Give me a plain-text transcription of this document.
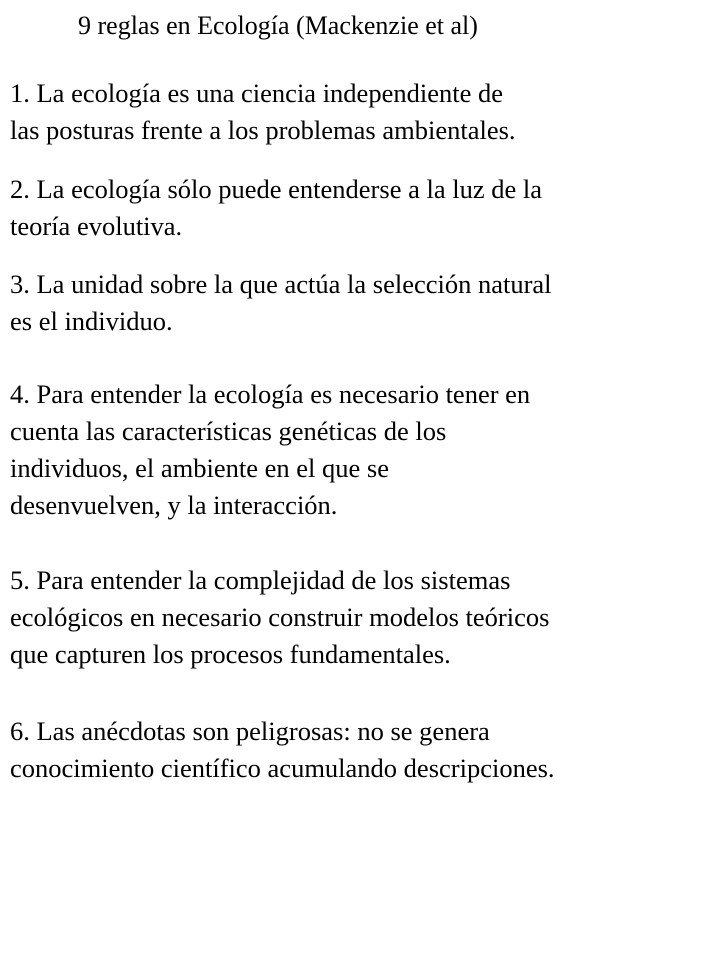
9 reglas en Ecología (Mackenzie et al)

1. La ecología es una ciencia independiente de
las posturas frente a los problemas ambientales.

2. La ecología sólo puede entenderse a la luz de la
teoría evolutiva.

3. La unidad sobre la que actúa la selección natural
es el individuo.

4. Para entender la ecología es necesario tener en
cuenta las características genéticas de los
individuos, el ambiente en el que se
desenvuelven, y la interacción.

5. Para entender la complejidad de los sistemas
ecológicos en necesario construir modelos teóricos
que capturen los procesos fundamentales.

6. Las anécdotas son peligrosas: no se genera
conocimiento científico acumulando descripciones.
